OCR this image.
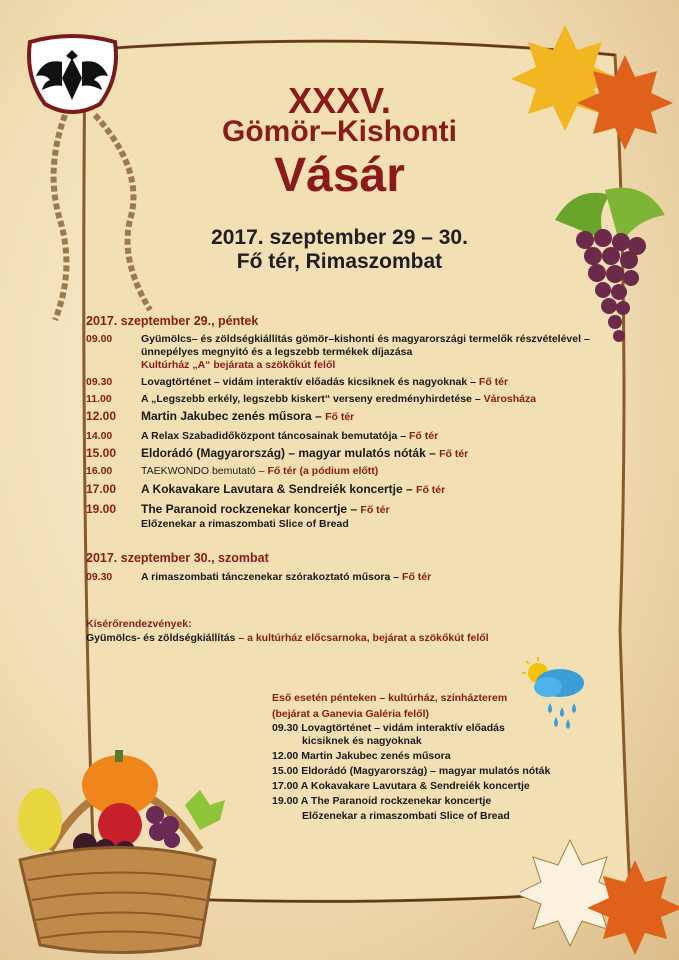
XXXV.
Gömör–Kishonti
Vásár
2017. szeptember 29 – 30.
Fő tér, Rimaszombat
2017. szeptember 29., péntek
09.00	Gyümölcs– és zöldségkiállítás gömör–kishonti és magyarországi termelők részvételével – ünnepélyes megnyitó és a legszebb termékek díjazása
Kultúrház „A“ bejárata a szökőkút felől
09.30	Lovagtörténet – vidám interaktív előadás kicsiknek és nagyoknak – Fő tér
11.00	A „Legszebb erkély, legszebb kiskert“ verseny eredményhirdetése – Városháza
12.00 Martin Jakubec zenés műsora – Fő tér
14.00	A Relax Szabadidőközpont táncosainak bemutatója – Fő tér
15.00 Eldorádó (Magyarország) – magyar mulatós nóták – Fő tér
16.00	TAEKWONDO bemutató – Fő tér (a pódium előtt)
17.00 A Kokavakare Lavutara & Sendreiék koncertje – Fő tér
19.00 The Paranoid rockzenekar koncertje – Fő tér
Előzenekar a rimaszombati Slice of Bread
2017. szeptember 30., szombat
09.30	A rimaszombati tánczenekar szórakoztató műsora – Fő tér
Kísérőrendezvények:
Gyümölcs- és zöldségkiállítás – a kultúrház előcsarnoka, bejárat a szökőkút felől
Eső esetén pénteken – kultúrház, színházterem
(bejárat a Ganevia Galéria felől)
09.30 Lovagtörténet – vidám interaktív előadás
kicsiknek és nagyoknak
12.00 Martin Jakubec zenés műsora
15.00 Eldorádó (Magyarország) – magyar mulatós nóták
17.00 A Kokavakare Lavutara & Sendreiék koncertje
19.00 A The Paranoid rockzenekar koncertje
Előzenekar a rimaszombati Slice of Bread
